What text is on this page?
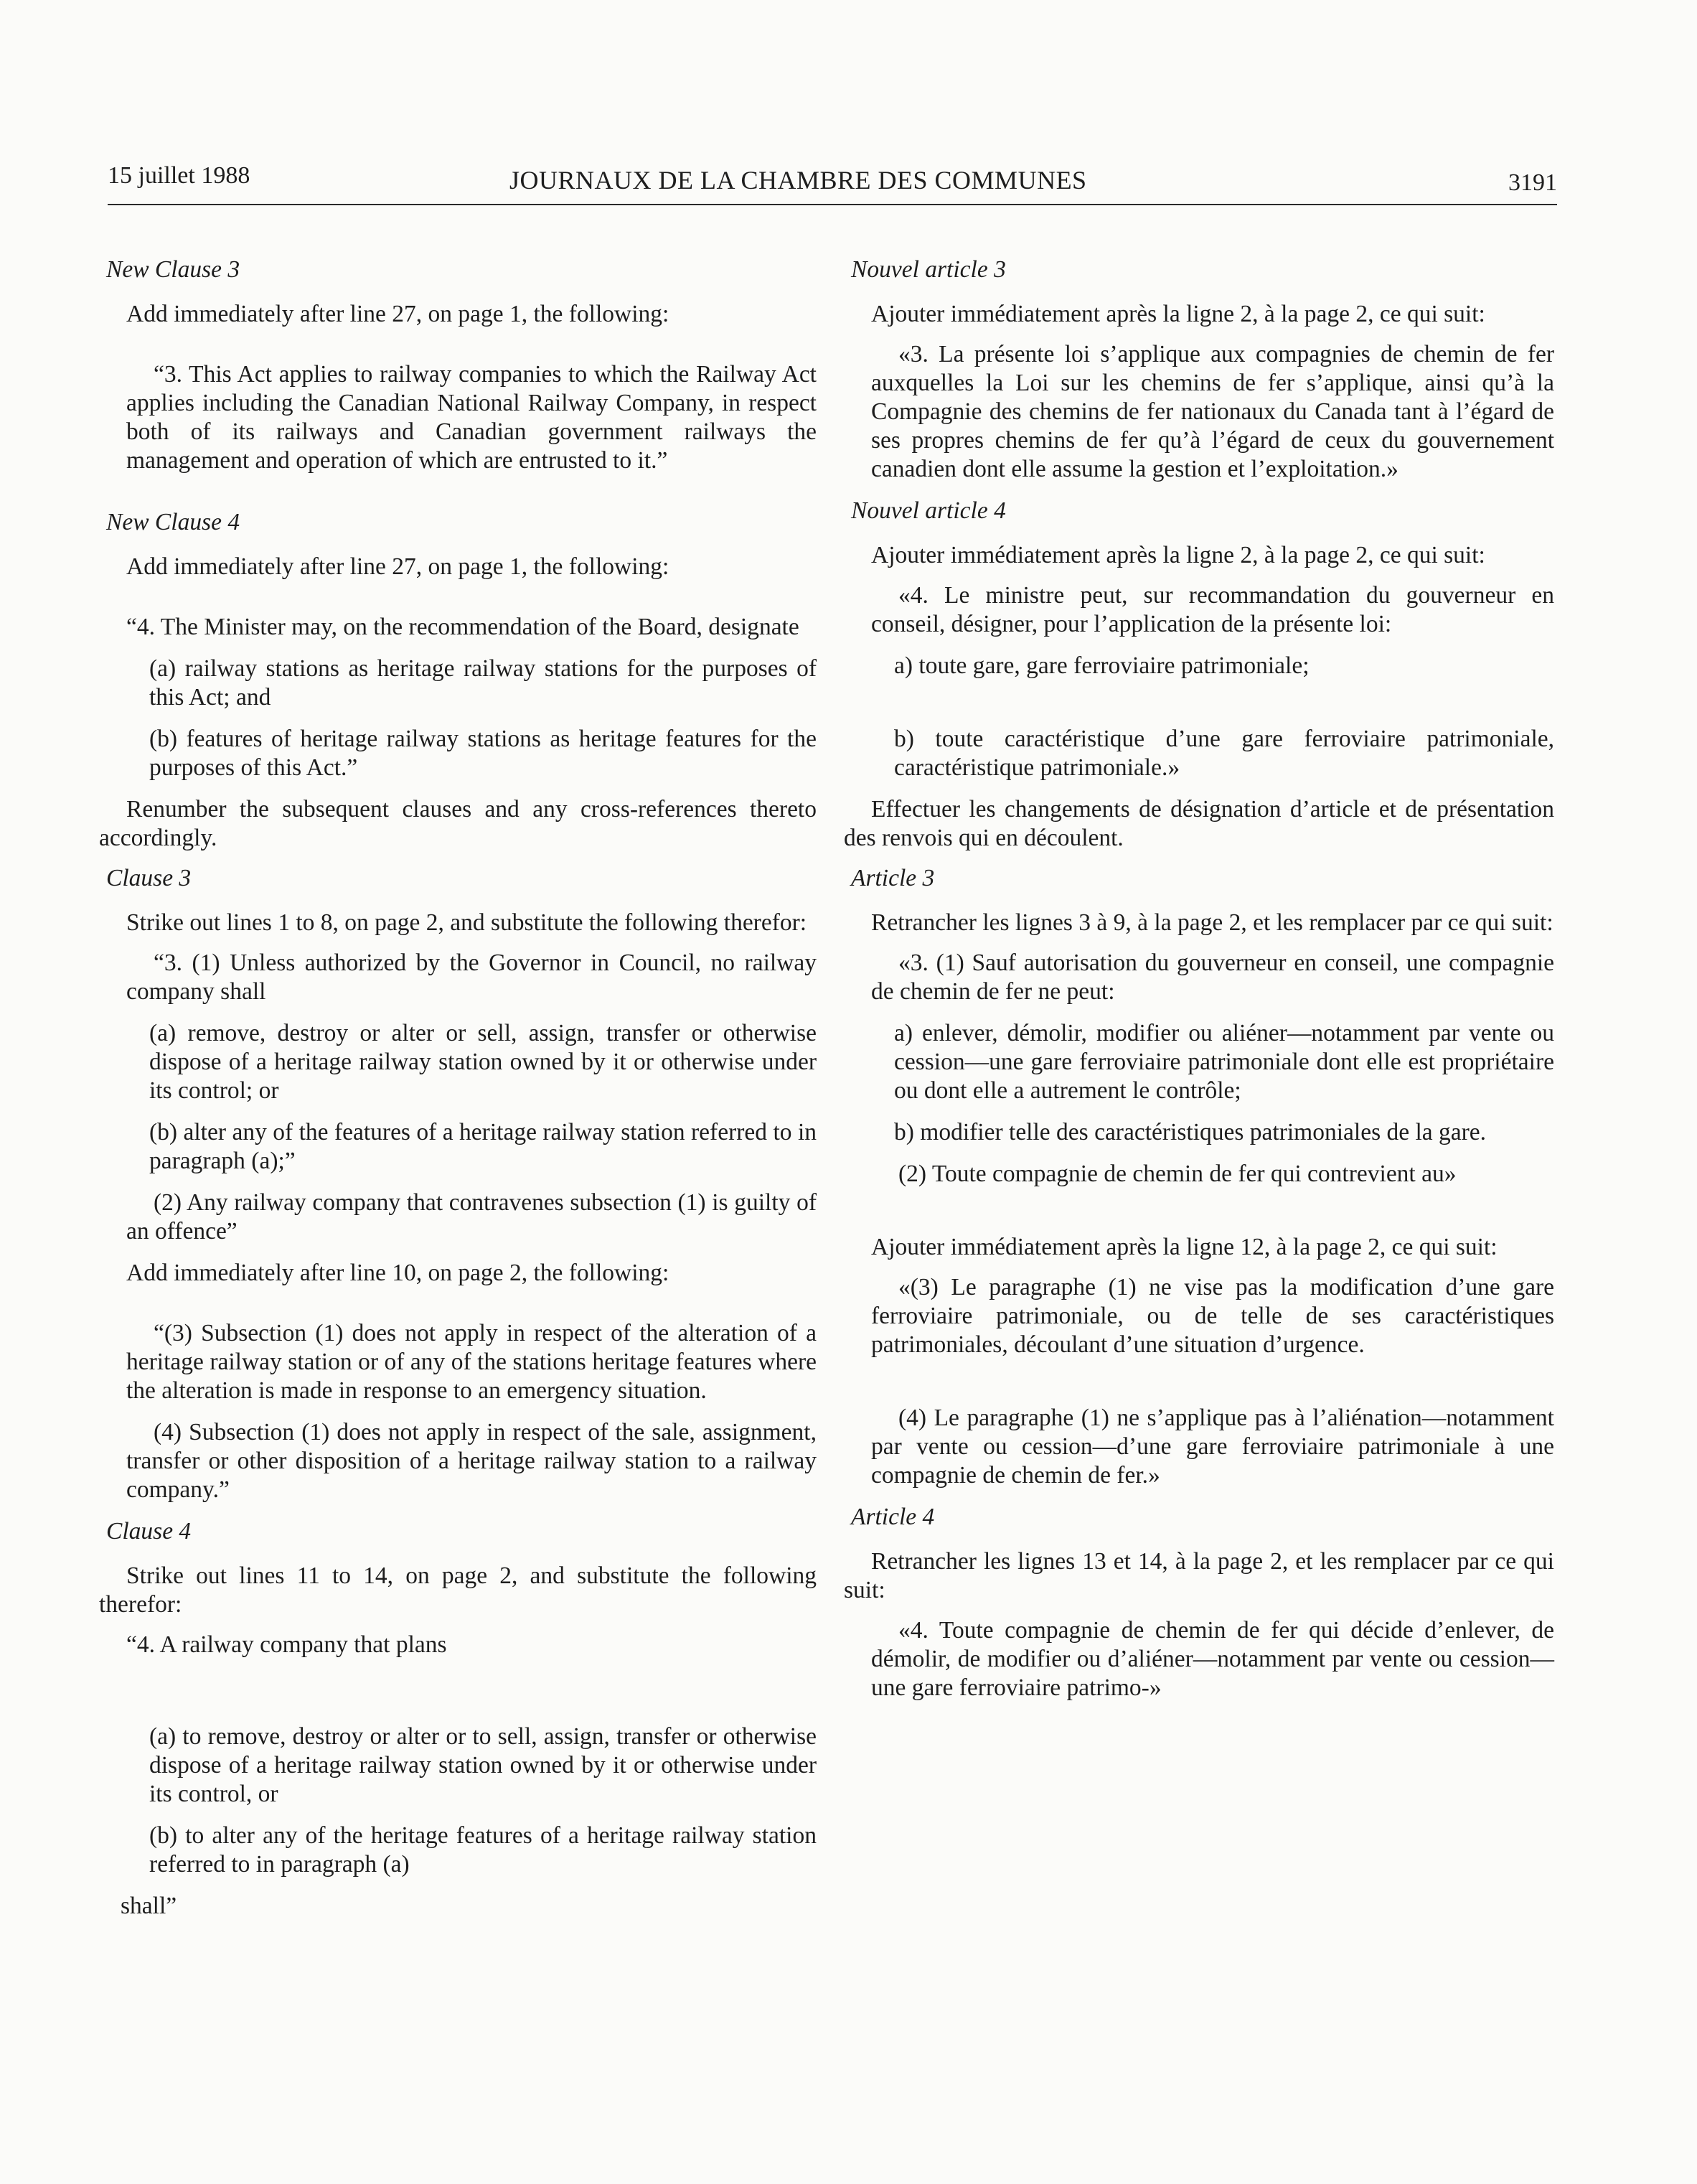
15 juillet 1988	JOURNAUX DE LA CHAMBRE DES COMMUNES	3191
New Clause 3
Add immediately after line 27, on page 1, the following:
“3. This Act applies to railway companies to which the Railway Act applies including the Canadian National Railway Company, in respect both of its railways and Canadian government railways the management and operation of which are entrusted to it.”
New Clause 4
Add immediately after line 27, on page 1, the following:
“4. The Minister may, on the recommendation of the Board, designate
(a) railway stations as heritage railway stations for the purposes of this Act; and
(b) features of heritage railway stations as heritage features for the purposes of this Act.”
Renumber the subsequent clauses and any cross-references thereto accordingly.
Clause 3
Strike out lines 1 to 8, on page 2, and substitute the following therefor:
“3. (1) Unless authorized by the Governor in Council, no railway company shall
(a) remove, destroy or alter or sell, assign, transfer or otherwise dispose of a heritage railway station owned by it or otherwise under its control; or
(b) alter any of the features of a heritage railway station referred to in paragraph (a);”
(2) Any railway company that contravenes subsection (1) is guilty of an offence”
Add immediately after line 10, on page 2, the following:
“(3) Subsection (1) does not apply in respect of the alteration of a heritage railway station or of any of the stations heritage features where the alteration is made in response to an emergency situation.
(4) Subsection (1) does not apply in respect of the sale, assignment, transfer or other disposition of a heritage railway station to a railway company.”
Clause 4
Strike out lines 11 to 14, on page 2, and substitute the following therefor:
“4. A railway company that plans
(a) to remove, destroy or alter or to sell, assign, transfer or otherwise dispose of a heritage railway station owned by it or otherwise under its control, or
(b) to alter any of the heritage features of a heritage railway station referred to in paragraph (a)
shall”
Nouvel article 3
Ajouter immédiatement après la ligne 2, à la page 2, ce qui suit:
«3. La présente loi s’applique aux compagnies de chemin de fer auxquelles la Loi sur les chemins de fer s’applique, ainsi qu’à la Compagnie des chemins de fer nationaux du Canada tant à l’égard de ses propres chemins de fer qu’à l’égard de ceux du gouvernement canadien dont elle assume la gestion et l’exploitation.»
Nouvel article 4
Ajouter immédiatement après la ligne 2, à la page 2, ce qui suit:
«4. Le ministre peut, sur recommandation du gouverneur en conseil, désigner, pour l’application de la présente loi:
a) toute gare, gare ferroviaire patrimoniale;
b) toute caractéristique d’une gare ferroviaire patrimoniale, caractéristique patrimoniale.»
Effectuer les changements de désignation d’article et de présentation des renvois qui en découlent.
Article 3
Retrancher les lignes 3 à 9, à la page 2, et les remplacer par ce qui suit:
«3. (1) Sauf autorisation du gouverneur en conseil, une compagnie de chemin de fer ne peut:
a) enlever, démolir, modifier ou aliéner—notamment par vente ou cession—une gare ferroviaire patrimoniale dont elle est propriétaire ou dont elle a autrement le contrôle;
b) modifier telle des caractéristiques patrimoniales de la gare.
(2) Toute compagnie de chemin de fer qui contrevient au»
Ajouter immédiatement après la ligne 12, à la page 2, ce qui suit:
«(3) Le paragraphe (1) ne vise pas la modification d’une gare ferroviaire patrimoniale, ou de telle de ses caractéristiques patrimoniales, découlant d’une situation d’urgence.
(4) Le paragraphe (1) ne s’applique pas à l’aliénation—notamment par vente ou cession—d’une gare ferroviaire patrimoniale à une compagnie de chemin de fer.»
Article 4
Retrancher les lignes 13 et 14, à la page 2, et les remplacer par ce qui suit:
«4. Toute compagnie de chemin de fer qui décide d’enlever, de démolir, de modifier ou d’aliéner—notamment par vente ou cession—une gare ferroviaire patrimo-»
